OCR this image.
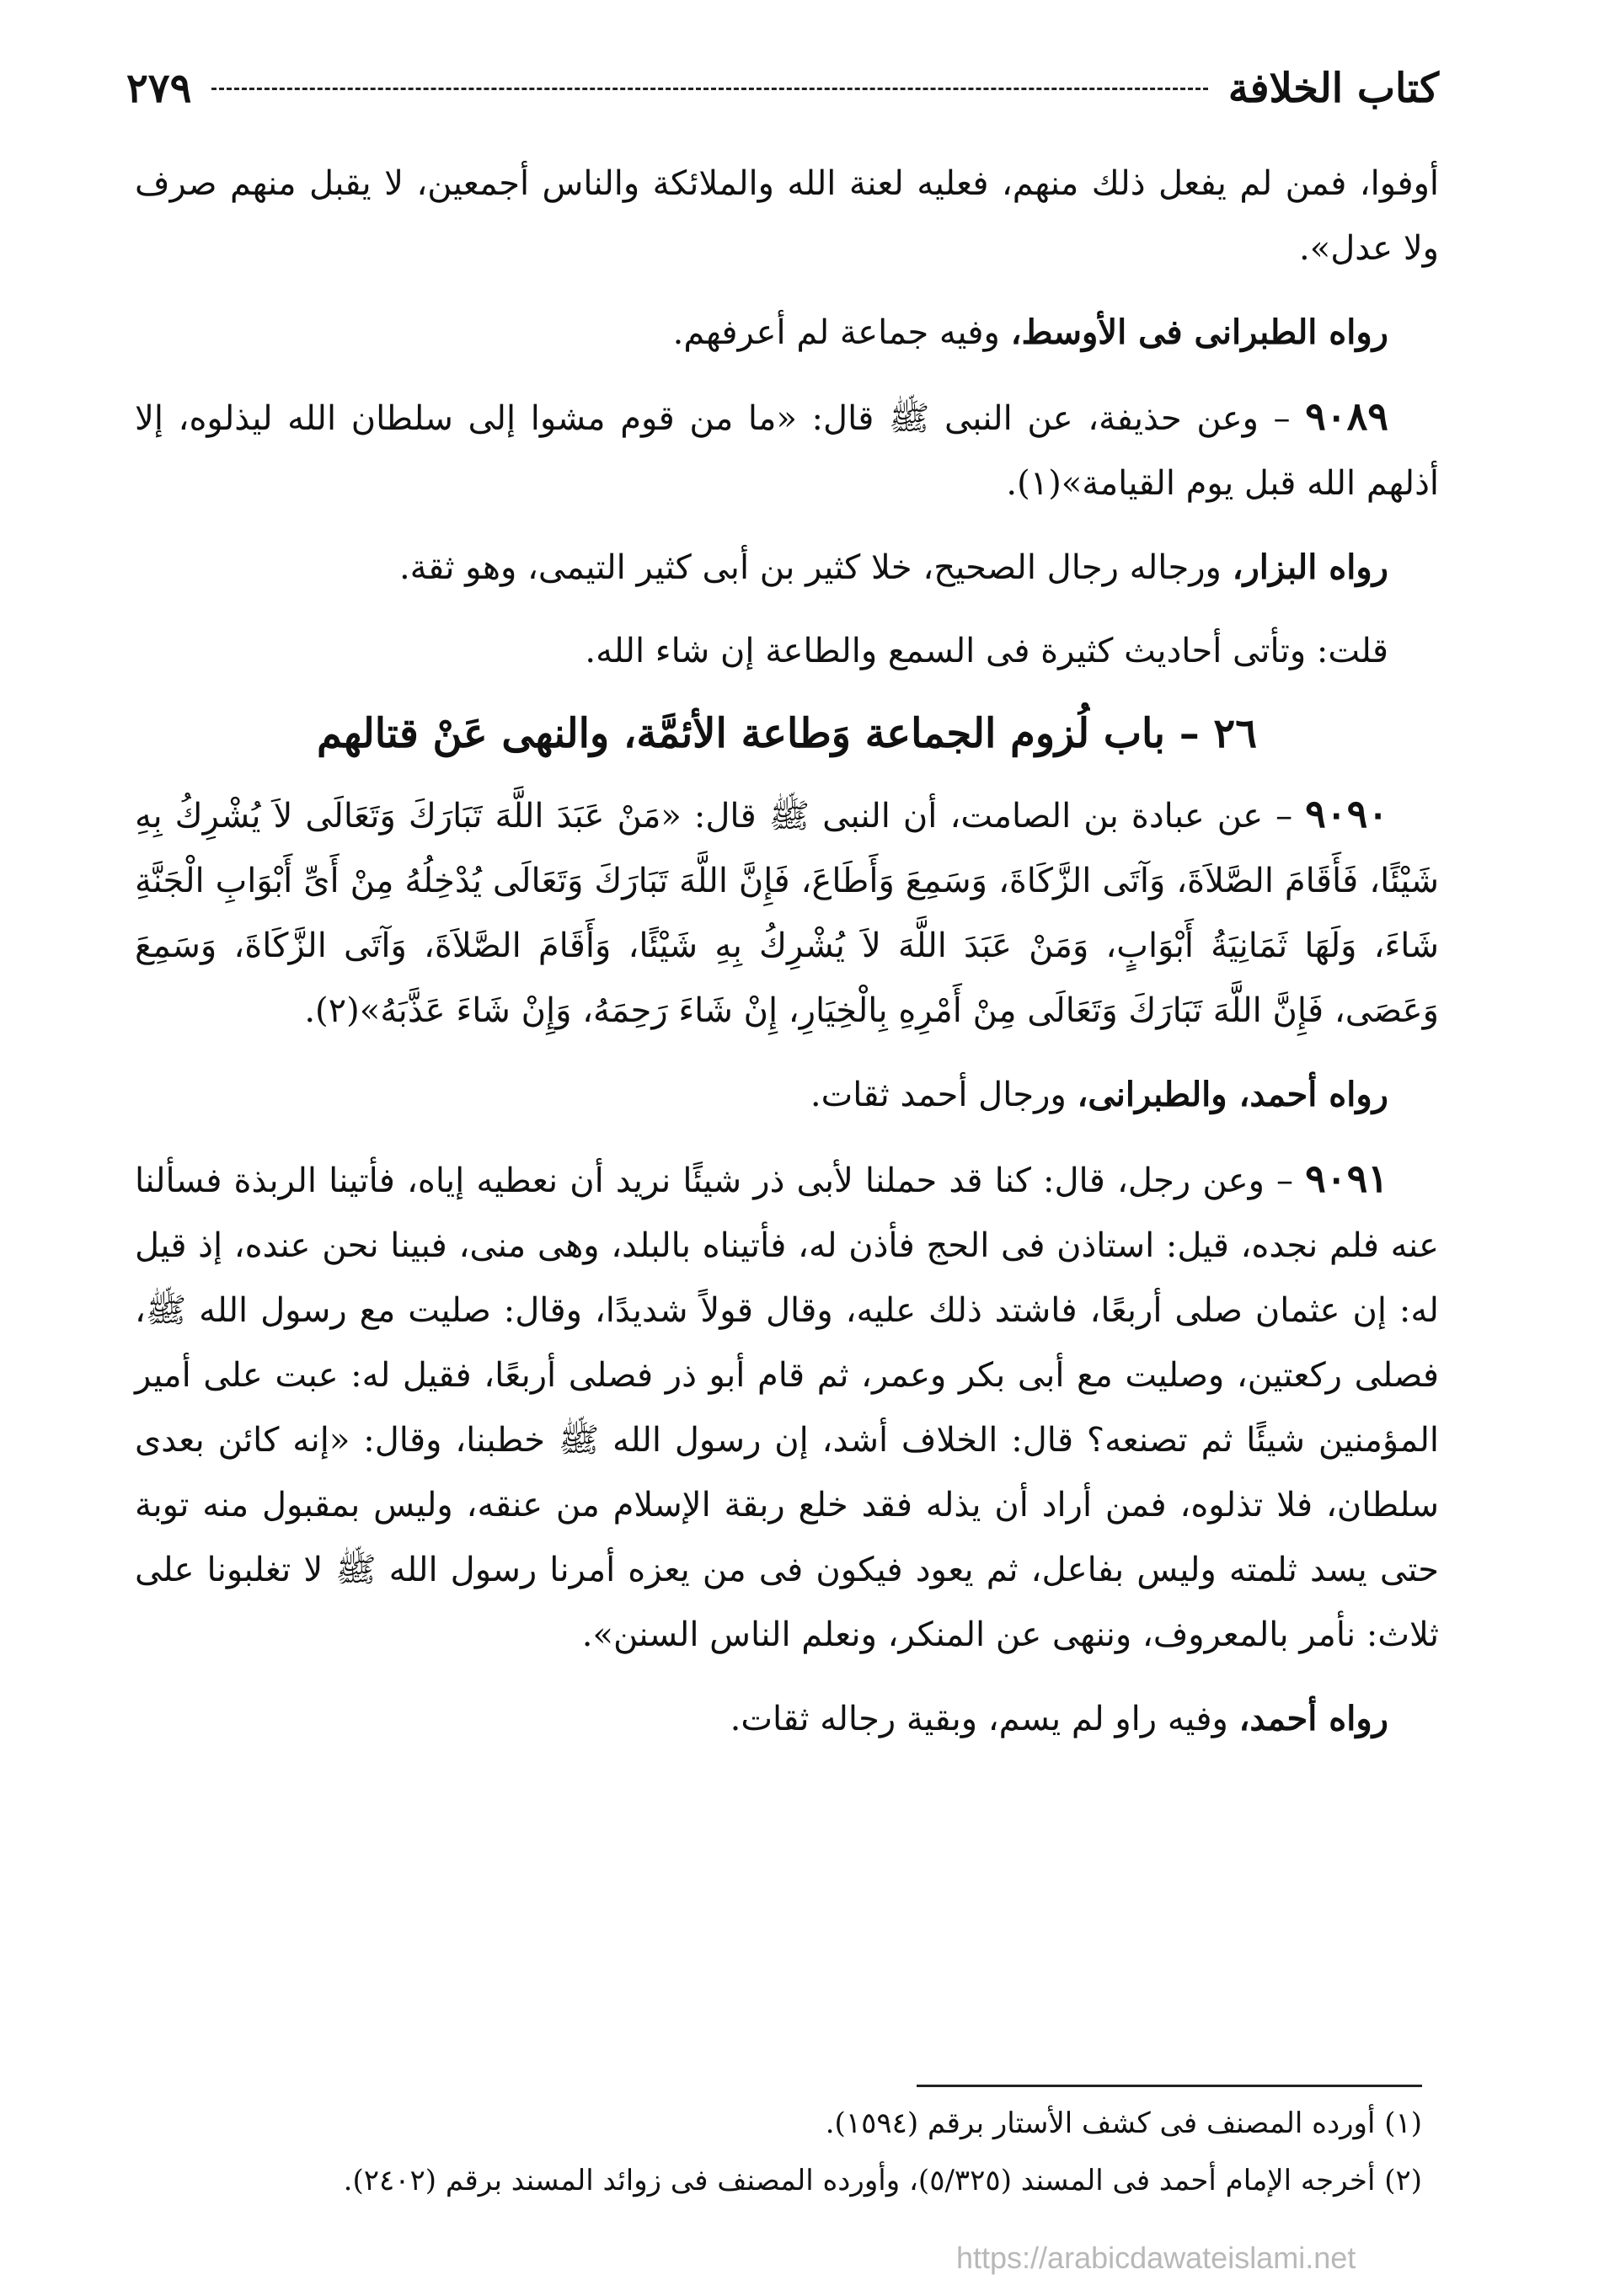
كتاب الخلافة
٢٧٩

أوفوا، فمن لم يفعل ذلك منهم، فعليه لعنة الله والملائكة والناس أجمعين، لا يقبل منهم صرف ولا عدل».

رواه الطبرانى فى الأوسط، وفيه جماعة لم أعرفهم.

٩٠٨٩ – وعن حذيفة، عن النبى ﷺ قال: «ما من قوم مشوا إلى سلطان الله ليذلوه، إلا أذلهم الله قبل يوم القيامة»(١).

رواه البزار، ورجاله رجال الصحيح، خلا كثير بن أبى كثير التيمى، وهو ثقة.

قلت: وتأتى أحاديث كثيرة فى السمع والطاعة إن شاء الله.

٢٦ – باب لُزوم الجماعة وَطاعة الأئمَّة، والنهى عَنْ قتالهم

٩٠٩٠ – عن عبادة بن الصامت، أن النبى ﷺ قال: «مَنْ عَبَدَ اللَّهَ تَبَارَكَ وَتَعَالَى لاَ يُشْرِكُ بِهِ شَيْئًا، فَأَقَامَ الصَّلاَةَ، وَآتَى الزَّكَاةَ، وَسَمِعَ وَأَطَاعَ، فَإِنَّ اللَّهَ تَبَارَكَ وَتَعَالَى يُدْخِلُهُ مِنْ أَىِّ أَبْوَابِ الْجَنَّةِ شَاءَ، وَلَهَا ثَمَانِيَةُ أَبْوَابٍ، وَمَنْ عَبَدَ اللَّهَ لاَ يُشْرِكُ بِهِ شَيْئًا، وَأَقَامَ الصَّلاَةَ، وَآتَى الزَّكَاةَ، وَسَمِعَ وَعَصَى، فَإِنَّ اللَّهَ تَبَارَكَ وَتَعَالَى مِنْ أَمْرِهِ بِالْخِيَارِ، إِنْ شَاءَ رَحِمَهُ، وَإِنْ شَاءَ عَذَّبَهُ»(٢).

رواه أحمد، والطبرانى، ورجال أحمد ثقات.

٩٠٩١ – وعن رجل، قال: كنا قد حملنا لأبى ذر شيئًا نريد أن نعطيه إياه، فأتينا الربذة فسألنا عنه فلم نجده، قيل: استاذن فى الحج فأذن له، فأتيناه بالبلد، وهى منى، فبينا نحن عنده، إذ قيل له: إن عثمان صلى أربعًا، فاشتد ذلك عليه، وقال قولاً شديدًا، وقال: صليت مع رسول الله ﷺ، فصلى ركعتين، وصليت مع أبى بكر وعمر، ثم قام أبو ذر فصلى أربعًا، فقيل له: عبت على أمير المؤمنين شيئًا ثم تصنعه؟ قال: الخلاف أشد، إن رسول الله ﷺ خطبنا، وقال: «إنه كائن بعدى سلطان، فلا تذلوه، فمن أراد أن يذله فقد خلع ربقة الإسلام من عنقه، وليس بمقبول منه توبة حتى يسد ثلمته وليس بفاعل، ثم يعود فيكون فى من يعزه أمرنا رسول الله ﷺ لا تغلبونا على ثلاث: نأمر بالمعروف، وننهى عن المنكر، ونعلم الناس السنن».

رواه أحمد، وفيه راو لم يسم، وبقية رجاله ثقات.

(١) أورده المصنف فى كشف الأستار برقم (١٥٩٤).

(٢) أخرجه الإمام أحمد فى المسند (٥/٣٢٥)، وأورده المصنف فى زوائد المسند برقم (٢٤٠٢).

https://arabicdawateislami.net
